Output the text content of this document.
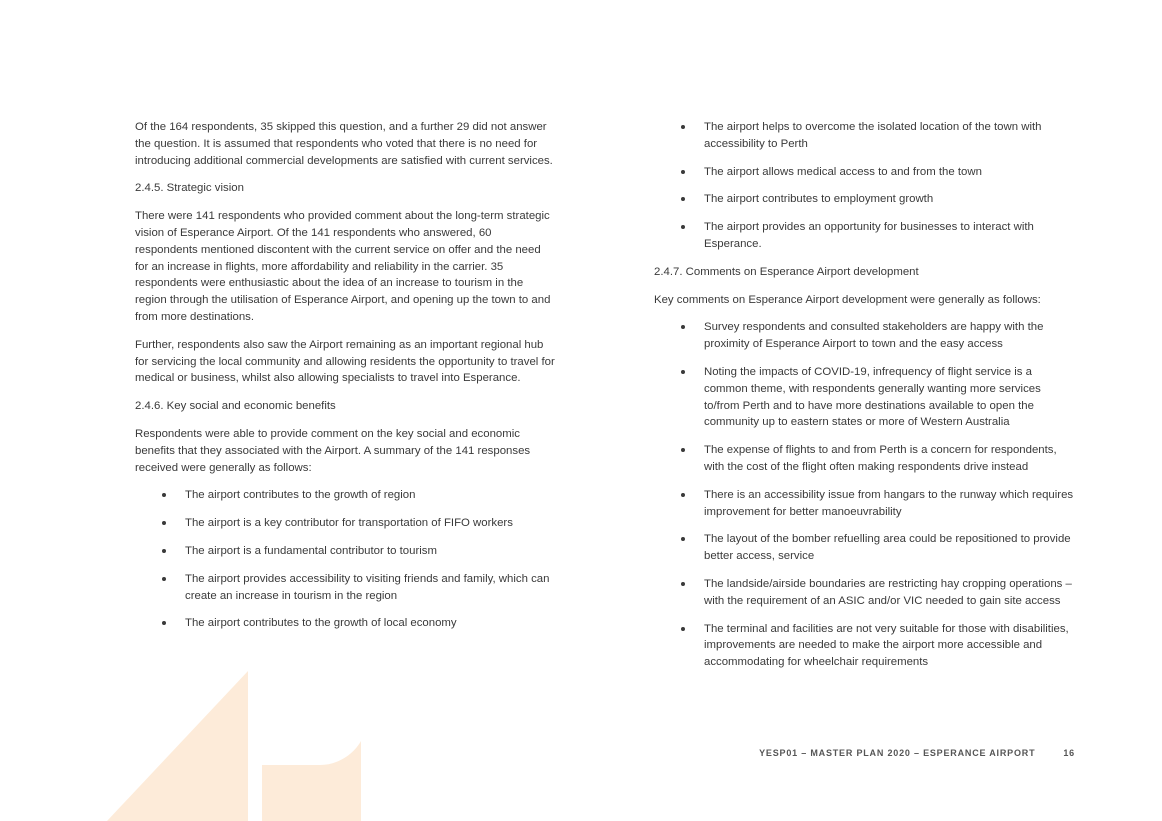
Of the 164 respondents, 35 skipped this question, and a further 29 did not answer the question. It is assumed that respondents who voted that there is no need for introducing additional commercial developments are satisfied with current services.

2.4.5. Strategic vision

There were 141 respondents who provided comment about the long-term strategic vision of Esperance Airport. Of the 141 respondents who answered, 60 respondents mentioned discontent with the current service on offer and the need for an increase in flights, more affordability and reliability in the carrier. 35 respondents were enthusiastic about the idea of an increase to tourism in the region through the utilisation of Esperance Airport, and opening up the town to and from more destinations.

Further, respondents also saw the Airport remaining as an important regional hub for servicing the local community and allowing residents the opportunity to travel for medical or business, whilst also allowing specialists to travel into Esperance.

2.4.6. Key social and economic benefits

Respondents were able to provide comment on the key social and economic benefits that they associated with the Airport. A summary of the 141 responses received were generally as follows:

The airport contributes to the growth of region
The airport is a key contributor for transportation of FIFO workers
The airport is a fundamental contributor to tourism
The airport provides accessibility to visiting friends and family, which can create an increase in tourism in the region
The airport contributes to the growth of local economy
The airport helps to overcome the isolated location of the town with accessibility to Perth
The airport allows medical access to and from the town
The airport contributes to employment growth
The airport provides an opportunity for businesses to interact with Esperance.

2.4.7. Comments on Esperance Airport development

Key comments on Esperance Airport development were generally as follows:

Survey respondents and consulted stakeholders are happy with the proximity of Esperance Airport to town and the easy access
Noting the impacts of COVID-19, infrequency of flight service is a common theme, with respondents generally wanting more services to/from Perth and to have more destinations available to open the community up to eastern states or more of Western Australia
The expense of flights to and from Perth is a concern for respondents, with the cost of the flight often making respondents drive instead
There is an accessibility issue from hangars to the runway which requires improvement for better manoeuvrability
The layout of the bomber refuelling area could be repositioned to provide better access, service
The landside/airside boundaries are restricting hay cropping operations – with the requirement of an ASIC and/or VIC needed to gain site access
The terminal and facilities are not very suitable for those with disabilities, improvements are needed to make the airport more accessible and accommodating for wheelchair requirements
YESP01 – MASTER PLAN 2020 – ESPERANCE AIRPORT	16
